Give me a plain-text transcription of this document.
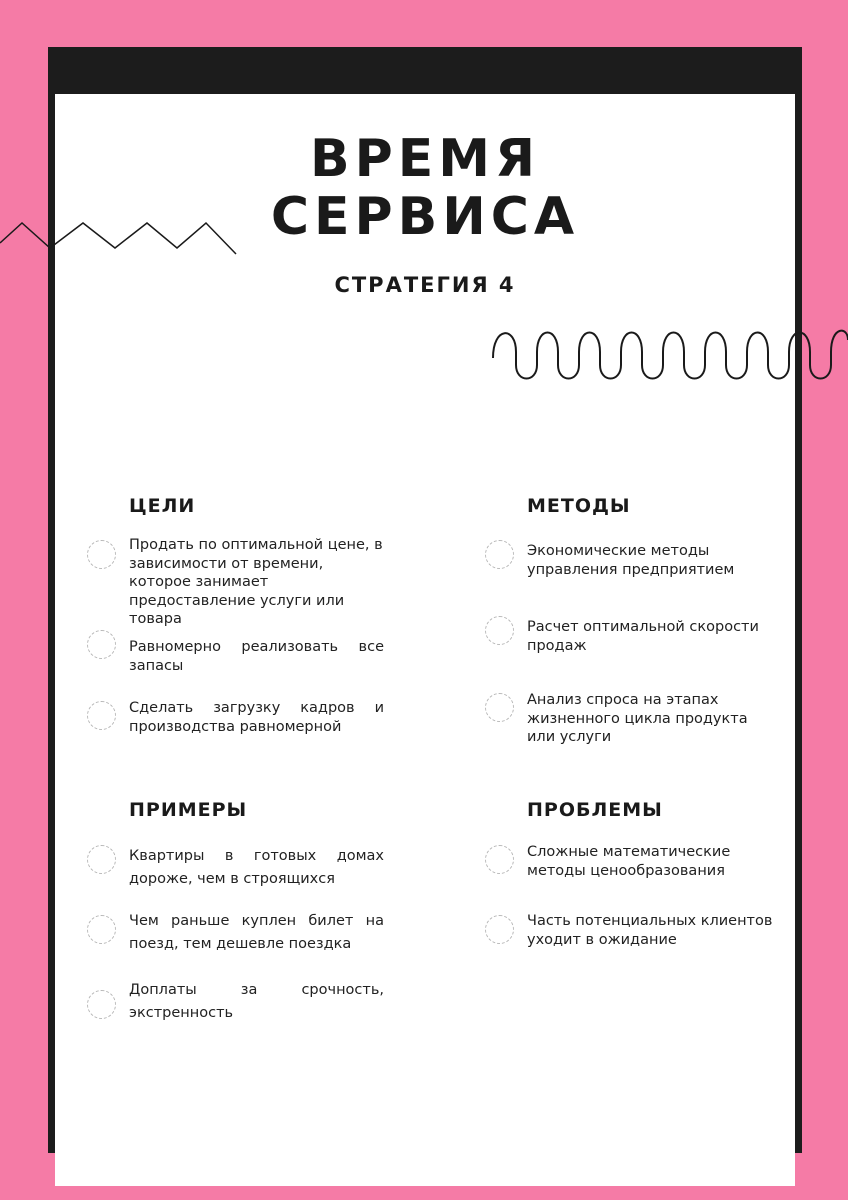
ВРЕМЯ
СЕРВИСА
СТРАТЕГИЯ 4
ЦЕЛИ

Продать по оптимальной цене, в зависимости от времени, которое занимает предоставление услуги или товара

Равномерно реализовать все запасы

Сделать загрузку кадров и производства равномерной

МЕТОДЫ

Экономические методы управления предприятием

Расчет оптимальной скорости продаж

Анализ спроса на этапах жизненного цикла продукта или услуги

ПРИМЕРЫ

Квартиры в готовых домах дороже, чем в строящихся

Чем раньше куплен билет на поезд, тем дешевле поездка

Доплаты за срочность, экстренность

ПРОБЛЕМЫ

Сложные математические методы ценообразования

Часть потенциальных клиентов уходит в ожидание
